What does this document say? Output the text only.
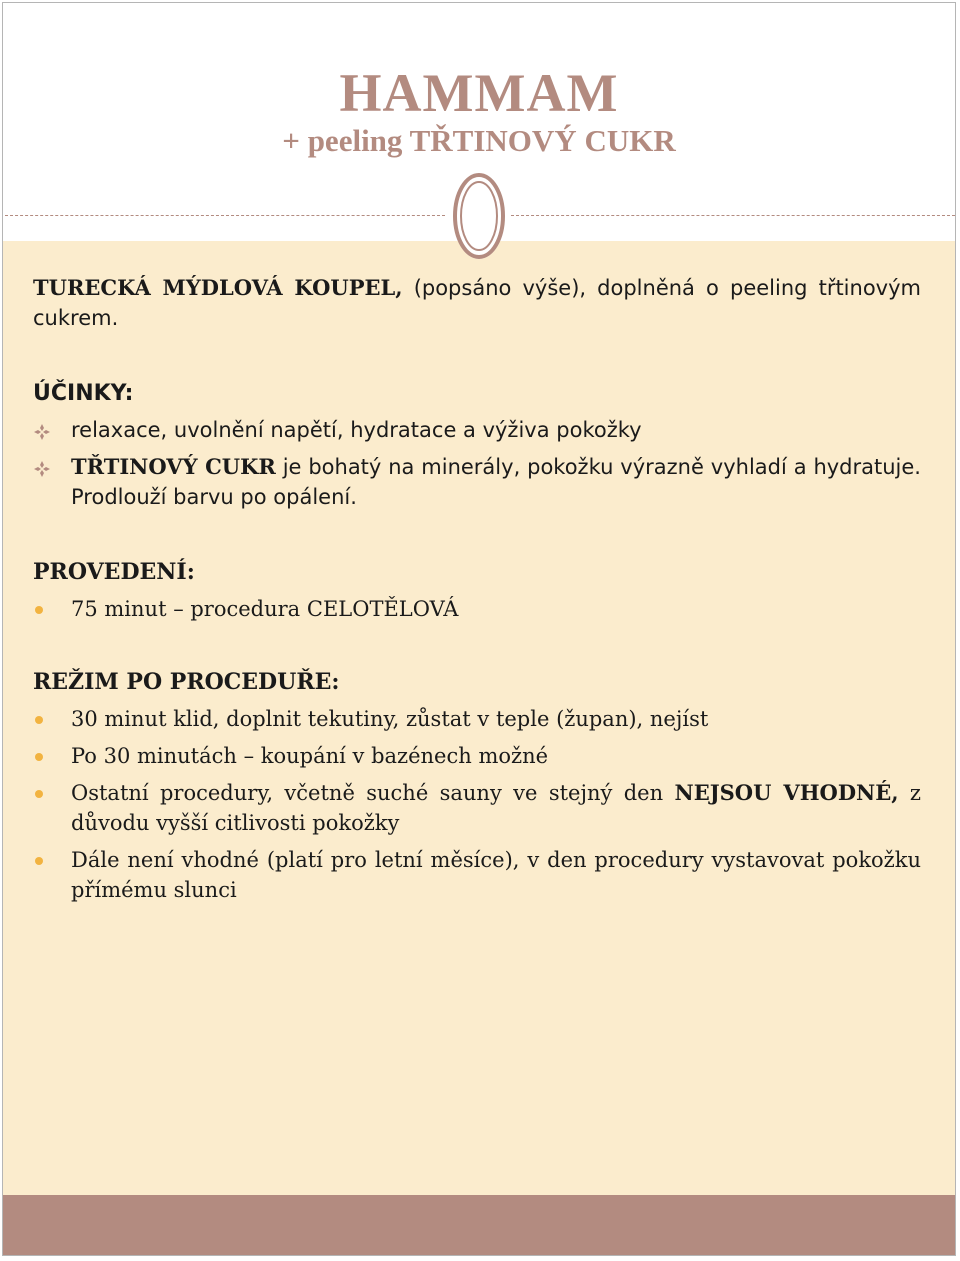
HAMMAM
+ peeling TŘTINOVÝ CUKR
TURECKÁ MÝDLOVÁ KOUPEL, (popsáno výše), doplněná o peeling třtinovým cukrem.
ÚČINKY:
relaxace, uvolnění napětí, hydratace a výživa pokožky
TŘTINOVÝ CUKR je bohatý na minerály, pokožku výrazně vyhladí a hydratuje. Prodlouží barvu po opálení.
PROVEDENÍ:
75 minut – procedura CELOTĚLOVÁ
REŽIM PO PROCEDUŘE:
30 minut klid, doplnit tekutiny, zůstat v teple (župan), nejíst
Po 30 minutách – koupání v bazénech možné
Ostatní procedury, včetně suché sauny ve stejný den NEJSOU VHODNÉ, z důvodu vyšší citlivosti pokožky
Dále není vhodné (platí pro letní měsíce), v den procedury vystavovat pokožku přímému slunci
